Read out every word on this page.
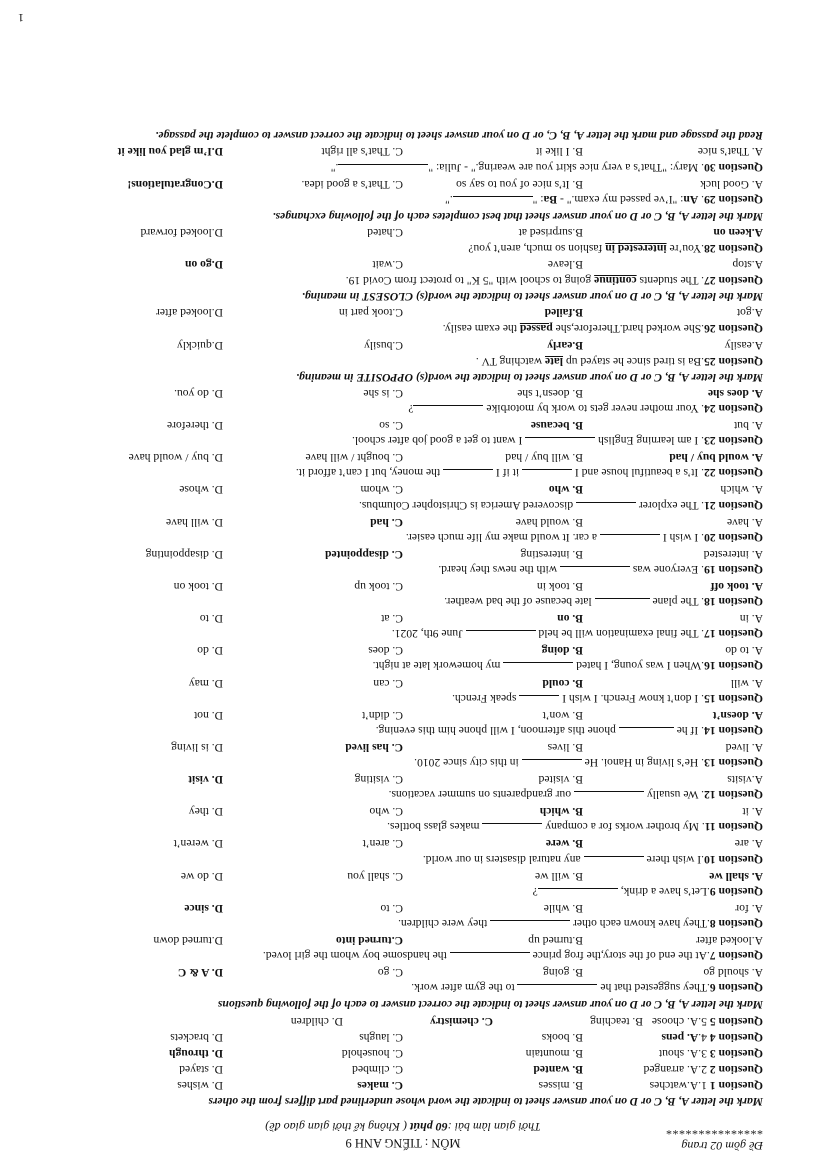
Đề gồm 02 trang
***************
MÔN : TIẾNG ANH 9
Thời gian làm bài :60 phút ( Không kể thời gian giao đề)
Mark the letter A, B, C or D on your answer sheet to indicate the word whose underlined part differs from the others
Question 1 1.A.watches
B. misses
C. makes
D. wishes
Question 2 2.A. arranged
B. wanted
C. climbed
D. stayed
Question 3 3.A. shout
B. mountain
C. household
D. through
Question 4 4.A. pens
B. books
C. laughs
D. brackets
Question 5 5.A. choose
B. teaching
C. chemistry
D. children
Mark the letter A, B, C or D on your answer sheet to indicate the correct answer to each of the following questions
Question 6.They suggested that he  to the gym after work.
A. should go
B. going
C. go
D. A & C
Question 7.At the end of the story,the frog prince  the handsome boy whom the girl loved.
A.looked after
B.turned up
C.turned into
D.turned down
Question 8.They have known each other  they were children.
A. for
B. while
C. to
D. since
Question 9.Let’s have a drink, ?
A. shall we
B. will we
C. shall you
D. do we
Question 10.I wish there  any natural disasters in our world.
A. are
B. were
C. aren’t
D. weren’t
Question 11. My brother works for a company  makes glass bottles.
A. it
B. which
C. who
D. they
Question 12. We usually  our grandparents on summer vacations.
A.visits
B. visited
C. visiting
D. visit
Question 13. He’s living in Hanoi. He  in this city since 2010.
A. lived
B. lives
C. has lived
D. is living
Question 14. If he  phone this afternoon, I will phone him this evening.
A. doesn’t
B. won’t
C. didn’t
D. not
Question 15. I don’t know French. I wish I  speak French.
A. will
B. could
C. can
D. may
Question 16.When I was young, I hated  my homework late at night.
A. to do
B. doing
C. does
D. do
Question 17. The final examination will be held  June 9th, 2021.
A. in
B. on
C. at
D. to
Question 18. The plane  late because of the bad weather.
A. took off
B. took in
C. took up
D. took on
Question 19. Everyone was  with the news they heard.
A. interested
B. interesting
C. disappointed
D. disappointing
Question 20. I wish I  a car. It would make my life much easier.
A. have
B. would have
C. had
D. will have
Question 21. The explorer  discovered America is Christopher Columbus.
A. which
B. who
C. whom
D. whose
Question 22. It’s a beautiful house and I  it if I  the money, but I can’t afford it.
A. would buy / had
B. will buy / had
C. bought / will have
D. buy / would have
Question 23. I am learning English  I want to get a good job after school.
A. but
B. because
C. so
D. therefore
Question 24. Your mother never gets to work by motorbike ?
A. does she
B. doesn’t she
C. is she
D. do you.
Mark the letter A, B, C or D on your answer sheet to indicate the word(s) OPPOSITE in meaning.
Question 25.Ba is tired since he stayed up late watching TV .
A.easily
B.early
C.busily
D.quickly
Question 26.She worked hard.Therefore,she passed the exam easily.
A.got
B.failed
C.took part in
D.looked after
Mark the letter A, B, C or D on your answer sheet to indicate the word(s) CLOSEST in meaning.
Question 27. The students continue going to school with "5 K" to protect from Covid 19.
A.stop
B.leave
C.wait
D.go on
Question 28.You’re interested in fashion so much, aren’t you?
A.keen on
B.surprised at
C.hated
D.looked forward
Mark the letter A, B, C or D on your answer sheet that best completes each of the following exchanges.
Question 29. An: "I’ve passed my exam." - Ba: "."
A. Good luck
B. It’s nice of you to say so
C. That’s a good idea.
D.Congratulations!
Question 30. Mary: "That’s a very nice skirt you are wearing." - Julia: "."
A. That’s nice
B. I like it
C. That’s all right
D.I’m glad you like it
Read the passage and mark the letter A, B, C, or D on your answer sheet to indicate the correct answer to complete the passage.
1
